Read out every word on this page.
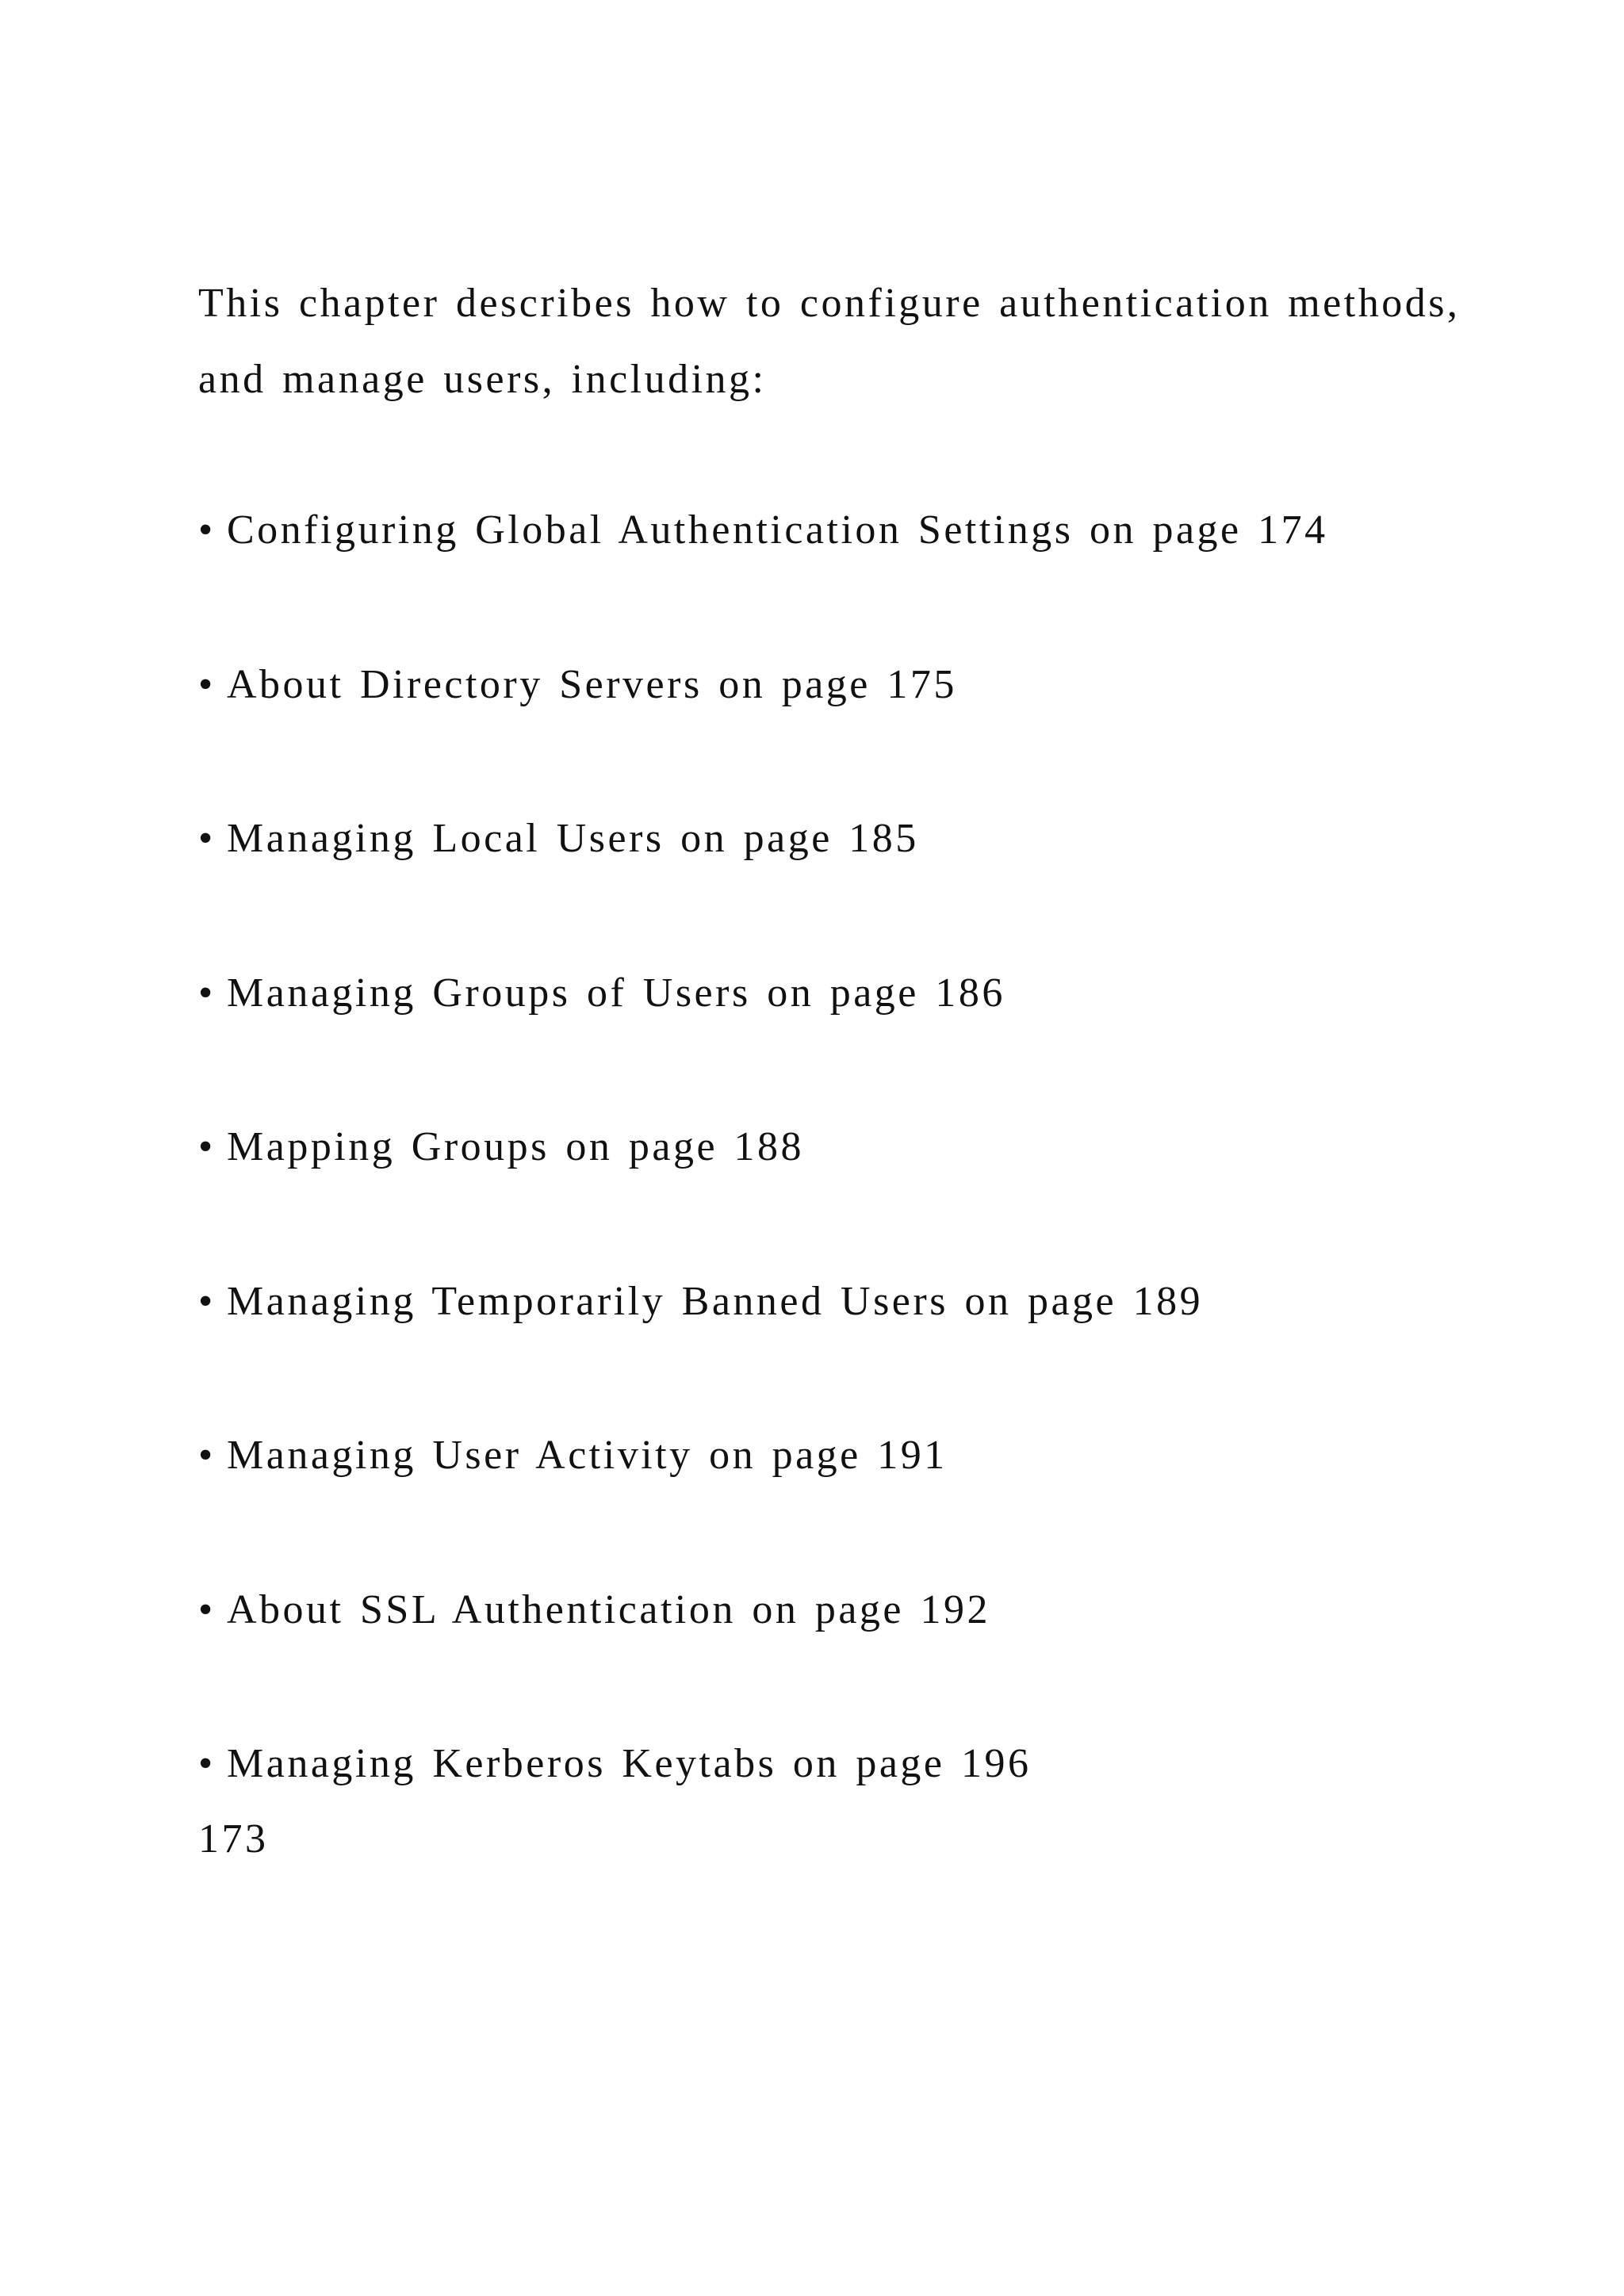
This chapter describes how to configure authentication methods,
and manage users, including:

• Configuring Global Authentication Settings on page 174
• About Directory Servers on page 175
• Managing Local Users on page 185
• Managing Groups of Users on page 186
• Mapping Groups on page 188
• Managing Temporarily Banned Users on page 189
• Managing User Activity on page 191
• About SSL Authentication on page 192
• Managing Kerberos Keytabs on page 196

173
